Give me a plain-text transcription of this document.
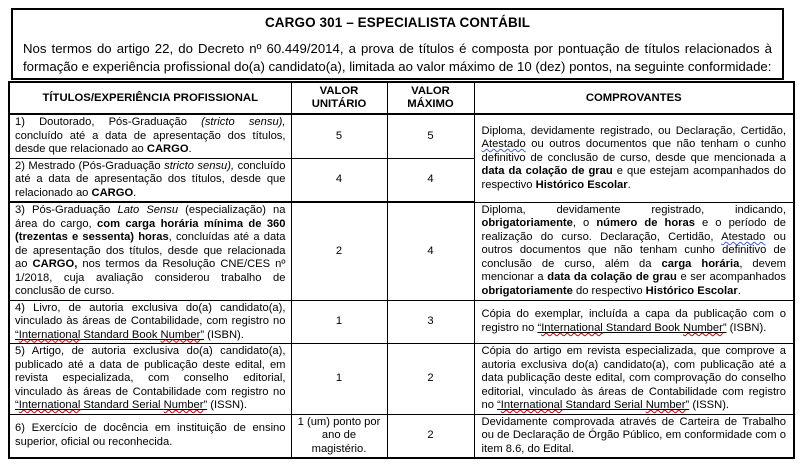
CARGO 301 – ESPECIALISTA CONTÁBIL

Nos termos do artigo 22, do Decreto nº 60.449/2014, a prova de títulos é composta por pontuação de títulos relacionados à formação e experiência profissional do(a) candidato(a), limitada ao valor máximo de 10 (dez) pontos, na seguinte conformidade:

TÍTULOS/EXPERIÊNCIA PROFISSIONAL	VALOR UNITÁRIO	VALOR MÁXIMO	COMPROVANTES
1) Doutorado, Pós-Graduação (stricto sensu), concluído até a data de apresentação dos títulos, desde que relacionado ao CARGO.	5	5	Diploma, devidamente registrado, ou Declaração, Certidão, Atestado ou outros documentos que não tenham o cunho definitivo de conclusão de curso, desde que mencionada a data da colação de grau e que estejam acompanhados do respectivo Histórico Escolar.
2) Mestrado (Pós-Graduação stricto sensu), concluído até a data de apresentação dos títulos, desde que relacionado ao CARGO.	4	4	
3) Pós-Graduação Lato Sensu (especialização) na área do cargo, com carga horária mínima de 360 (trezentas e sessenta) horas, concluídas até a data de apresentação dos títulos, desde que relacionada ao CARGO, nos termos da Resolução CNE/CES nº 1/2018, cuja avaliação considerou trabalho de conclusão de curso.	2	4	Diploma, devidamente registrado, indicando, obrigatoriamente, o número de horas e o período de realização do curso. Declaração, Certidão, Atestado ou outros documentos que não tenham cunho definitivo de conclusão de curso, além da carga horária, devem mencionar a data da colação de grau e ser acompanhados obrigatoriamente do respectivo Histórico Escolar.
4) Livro, de autoria exclusiva do(a) candidato(a), vinculado às áreas de Contabilidade, com registro no “International Standard Book Number” (ISBN).	1	3	Cópia do exemplar, incluída a capa da publicação com o registro no “International Standard Book Number” (ISBN).
5) Artigo, de autoria exclusiva do(a) candidato(a), publicado até a data de publicação deste edital, em revista especializada, com conselho editorial, vinculado às áreas de Contabilidade com registro no “International Standard Serial Number” (ISSN).	1	2	Cópia do artigo em revista especializada, que comprove a autoria exclusiva do(a) candidato(a), com publicação até a data publicação deste edital, com comprovação do conselho editorial, vinculado às áreas de Contabilidade com registro no “International Standard Serial Number” (ISSN).
6) Exercício de docência em instituição de ensino superior, oficial ou reconhecida.	1 (um) ponto por ano de magistério.	2	Devidamente comprovada através de Carteira de Trabalho ou de Declaração de Órgão Público, em conformidade com o item 8.6, do Edital.
